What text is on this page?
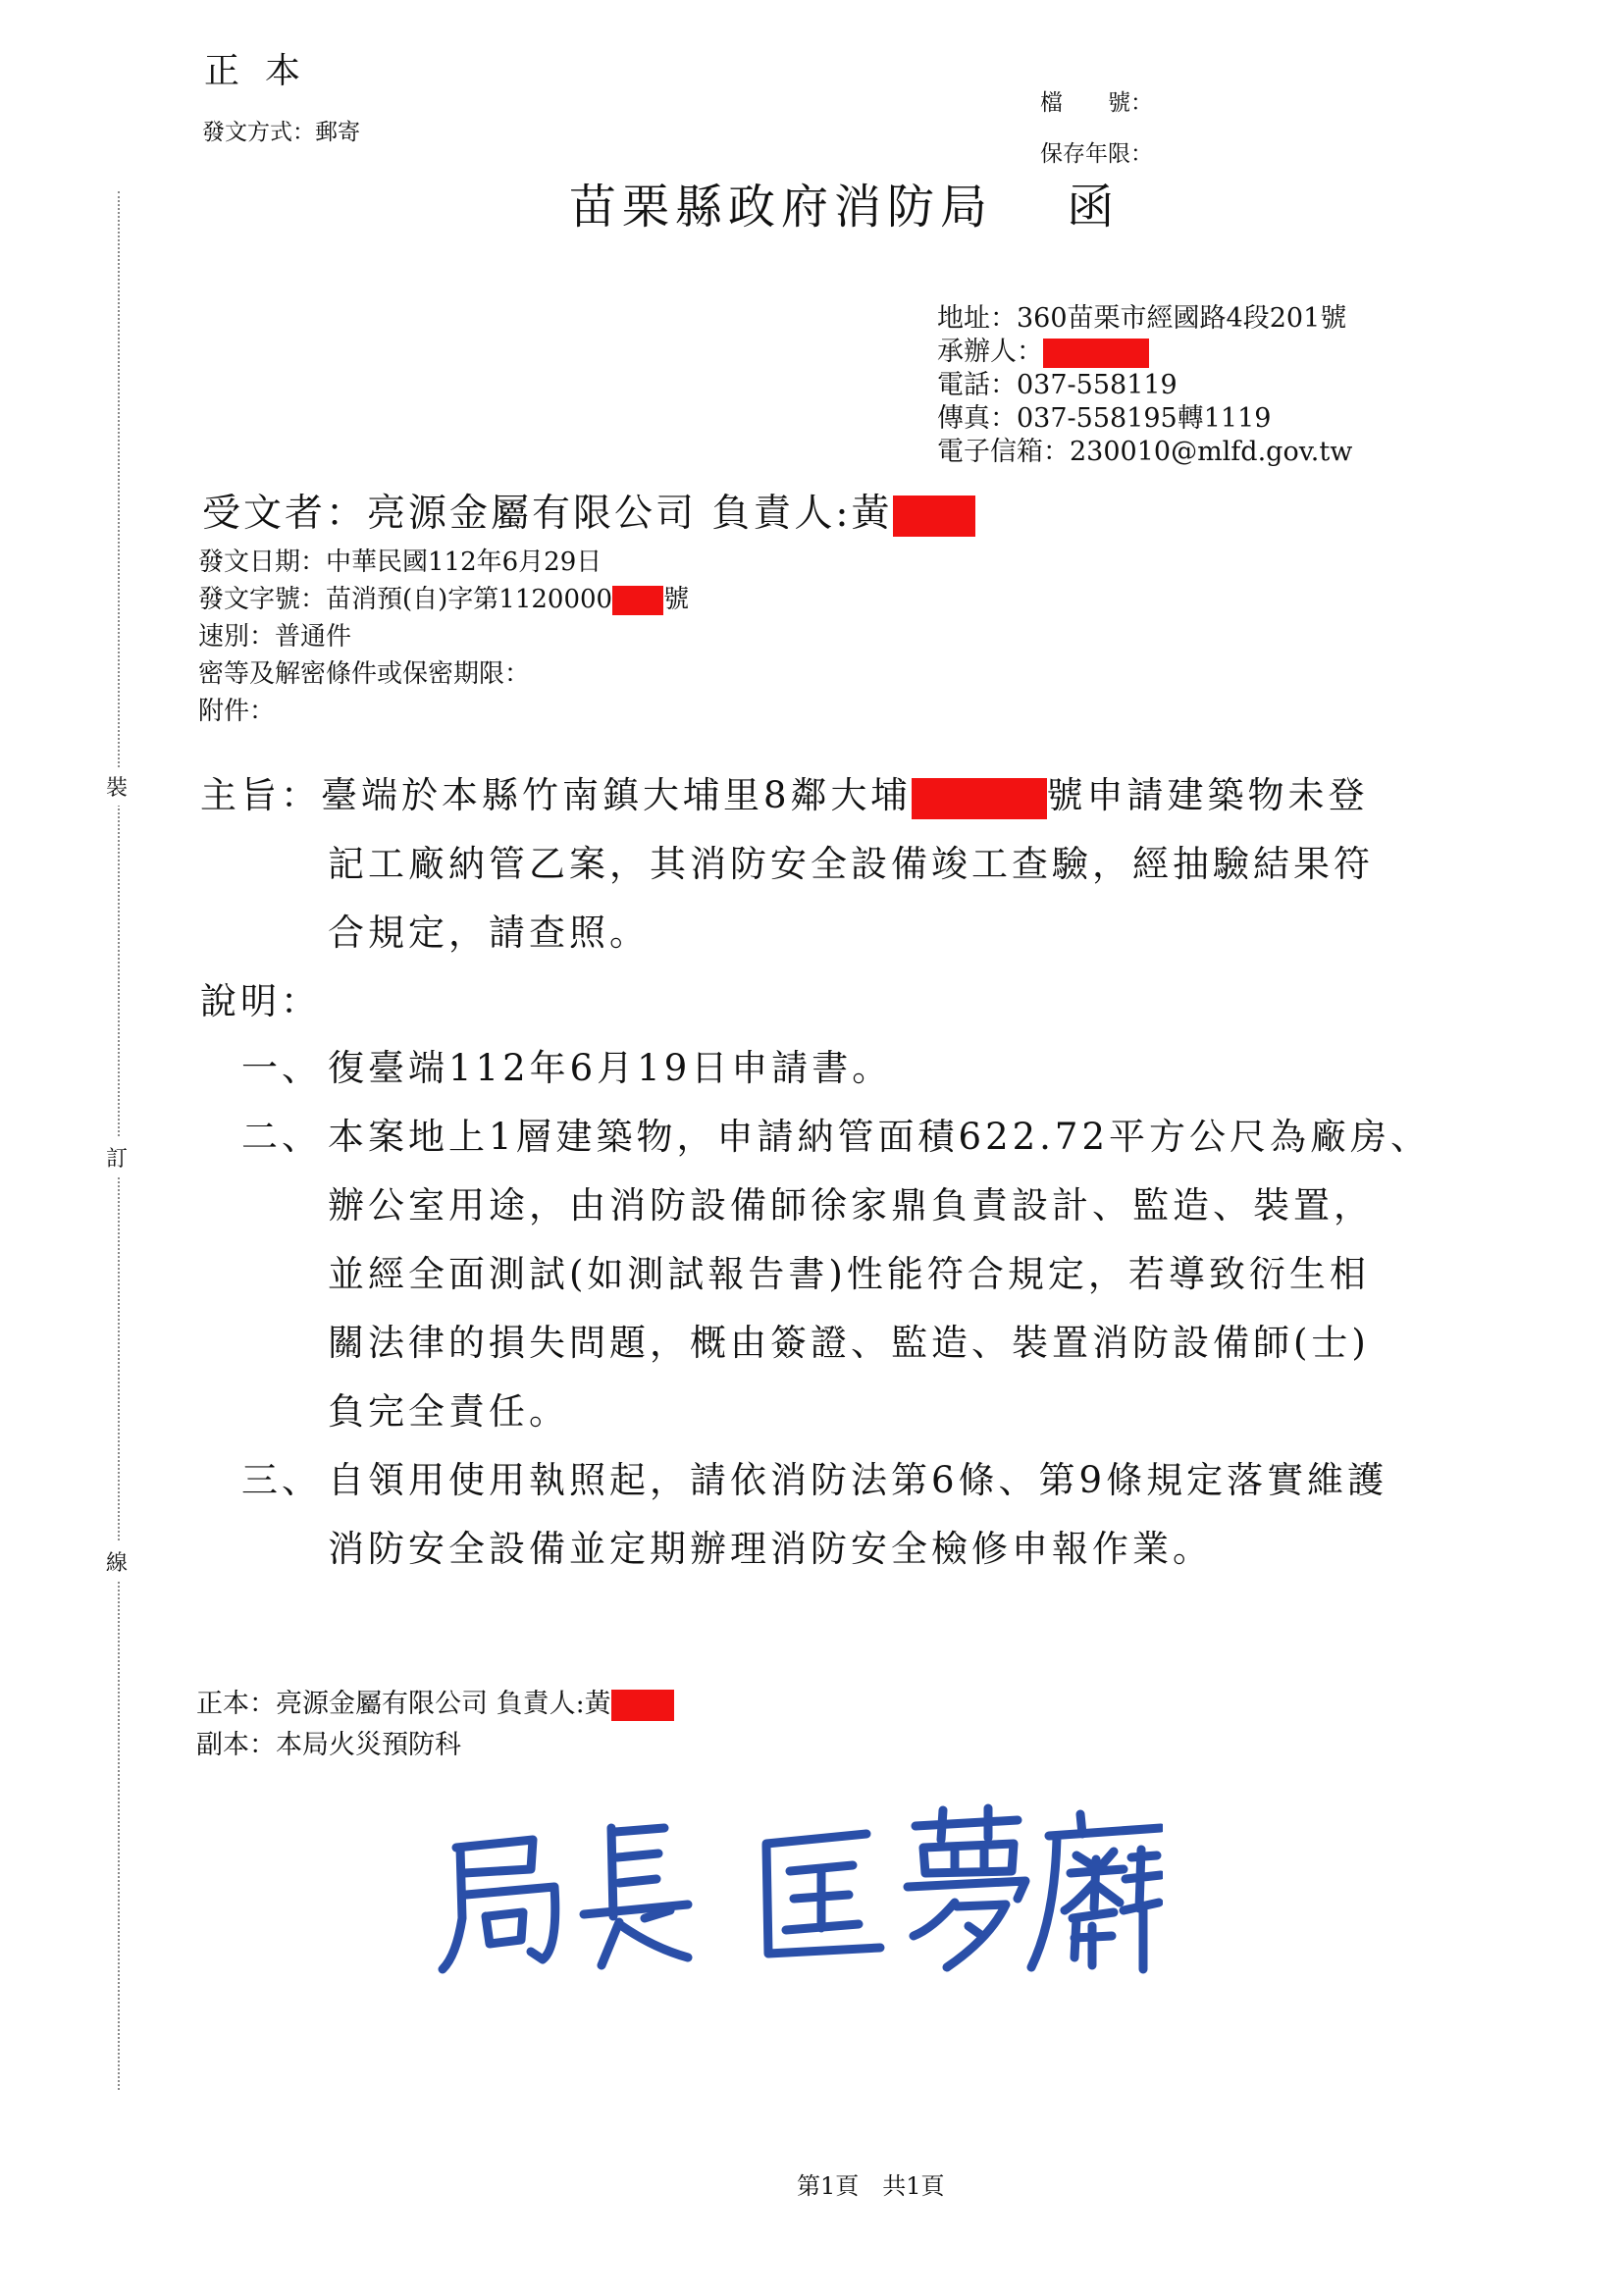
裝
訂
線
正本
發文方式：郵寄
檔　　號：
保存年限：
苗栗縣政府消防局　 函
地址：360苗栗市經國路4段201號
承辦人：
電話：037-558119
傳真：037-558195轉1119
電子信箱：230010@mlfd.gov.tw
受文者：亮源金屬有限公司 負責人:黃
發文日期：中華民國112年6月29日
發文字號：苗消預(自)字第1120000 號
速別：普通件
密等及解密條件或保密期限：
附件：
主旨：臺端於本縣竹南鎮大埔里8鄰大埔	號申請建築物未登
記工廠納管乙案，其消防安全設備竣工查驗，經抽驗結果符
合規定，請查照。
說明：
一、 復臺端112年6月19日申請書。
二、 本案地上1層建築物，申請納管面積622.72平方公尺為廠房、
辦公室用途，由消防設備師徐家鼎負責設計、監造、裝置，
並經全面測試(如測試報告書)性能符合規定，若導致衍生相
關法律的損失問題，概由簽證、監造、裝置消防設備師(士)
負完全責任。
三、 自領用使用執照起，請依消防法第6條、第9條規定落實維護
消防安全設備並定期辦理消防安全檢修申報作業。
正本：亮源金屬有限公司 負責人:黃
副本：本局火災預防科
第1頁　共1頁
